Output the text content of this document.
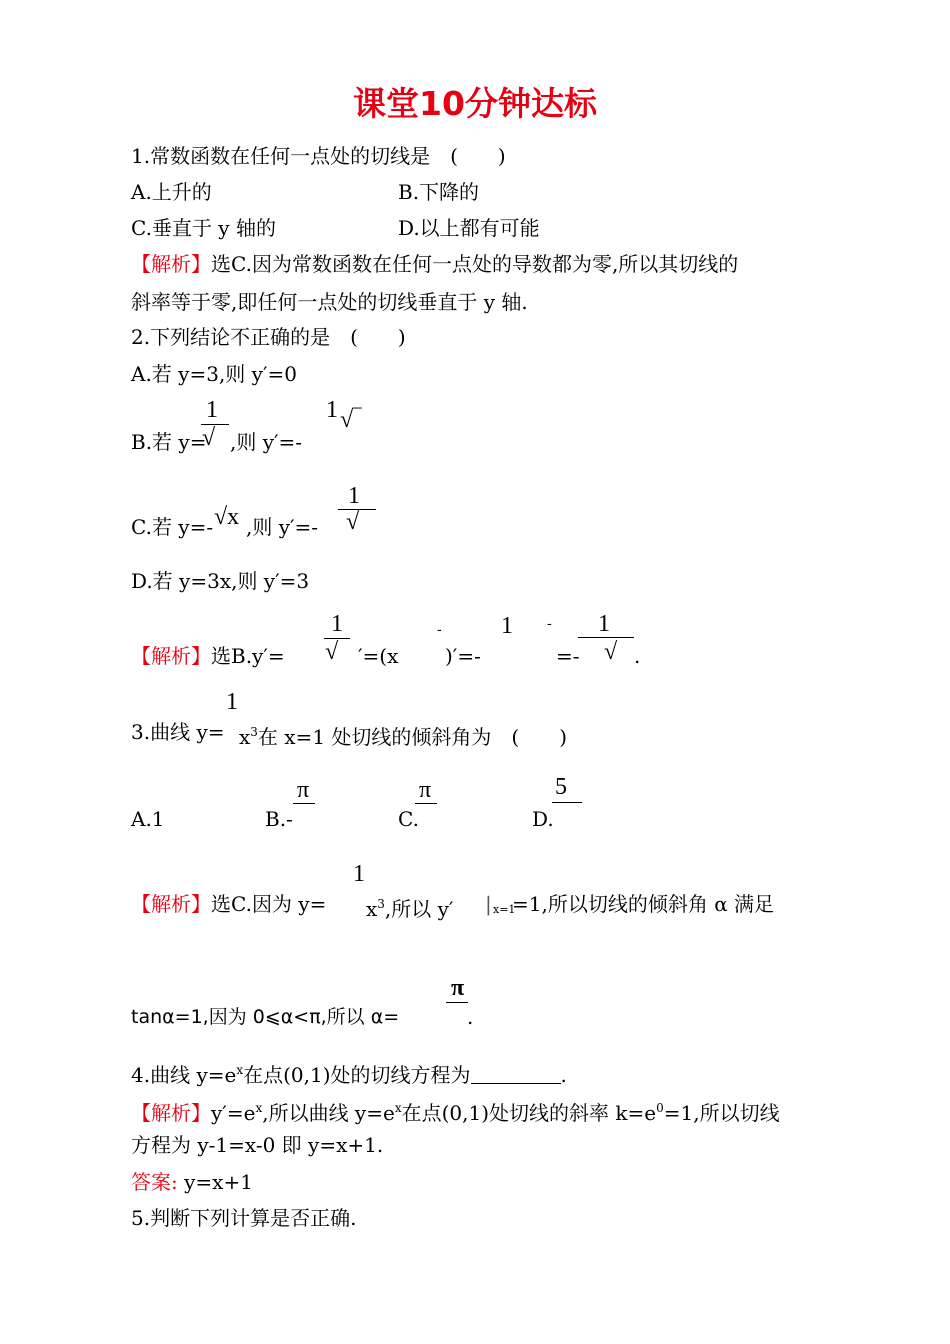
课堂10分钟达标
1.常数函数在任何一点处的切线是　(　　)
A.上升的	B.下降的
C.垂直于 y 轴的	D.以上都有可能
【解析】选C.因为常数函数在任何一点处的导数都为零,所以其切线的
斜率等于零,即任何一点处的切线垂直于 y 轴.
2.下列结论不正确的是　(　　)
A.若 y=3,则 y′=0
B.若 y=
1
√ ,则 y′=-
1 √‾
C.若 y=- √x ,则 y′=-
1
√
D.若 y=3x,则 y′=3
【解析】选B.y′=
1
√ ′=(x
-
)′=-
1 -
=-
1
√ .
3.曲线 y=
1
$x^3$在 x=1 处切线的倾斜角为　(　　)
A.1	B.-
π
C.
π
D.
5
【解析】选C.因为 y=
1
$x^3$,所以 y′ | x=1
=1,所以切线的倾斜角 α 满足
tanα=1,因为 0⩽α<π,所以 α=
π
.
4.曲线 $y=e^x$在点(0,1)处的切线方程为	.
【解析】$y'=e^x$,所以曲线 $y=e^x$在点(0,1)处切线的斜率 $k=e^0=1$,所以切线
方程为 y-1=x-0 即 y=x+1.
答案: y=x+1
5.判断下列计算是否正确.
